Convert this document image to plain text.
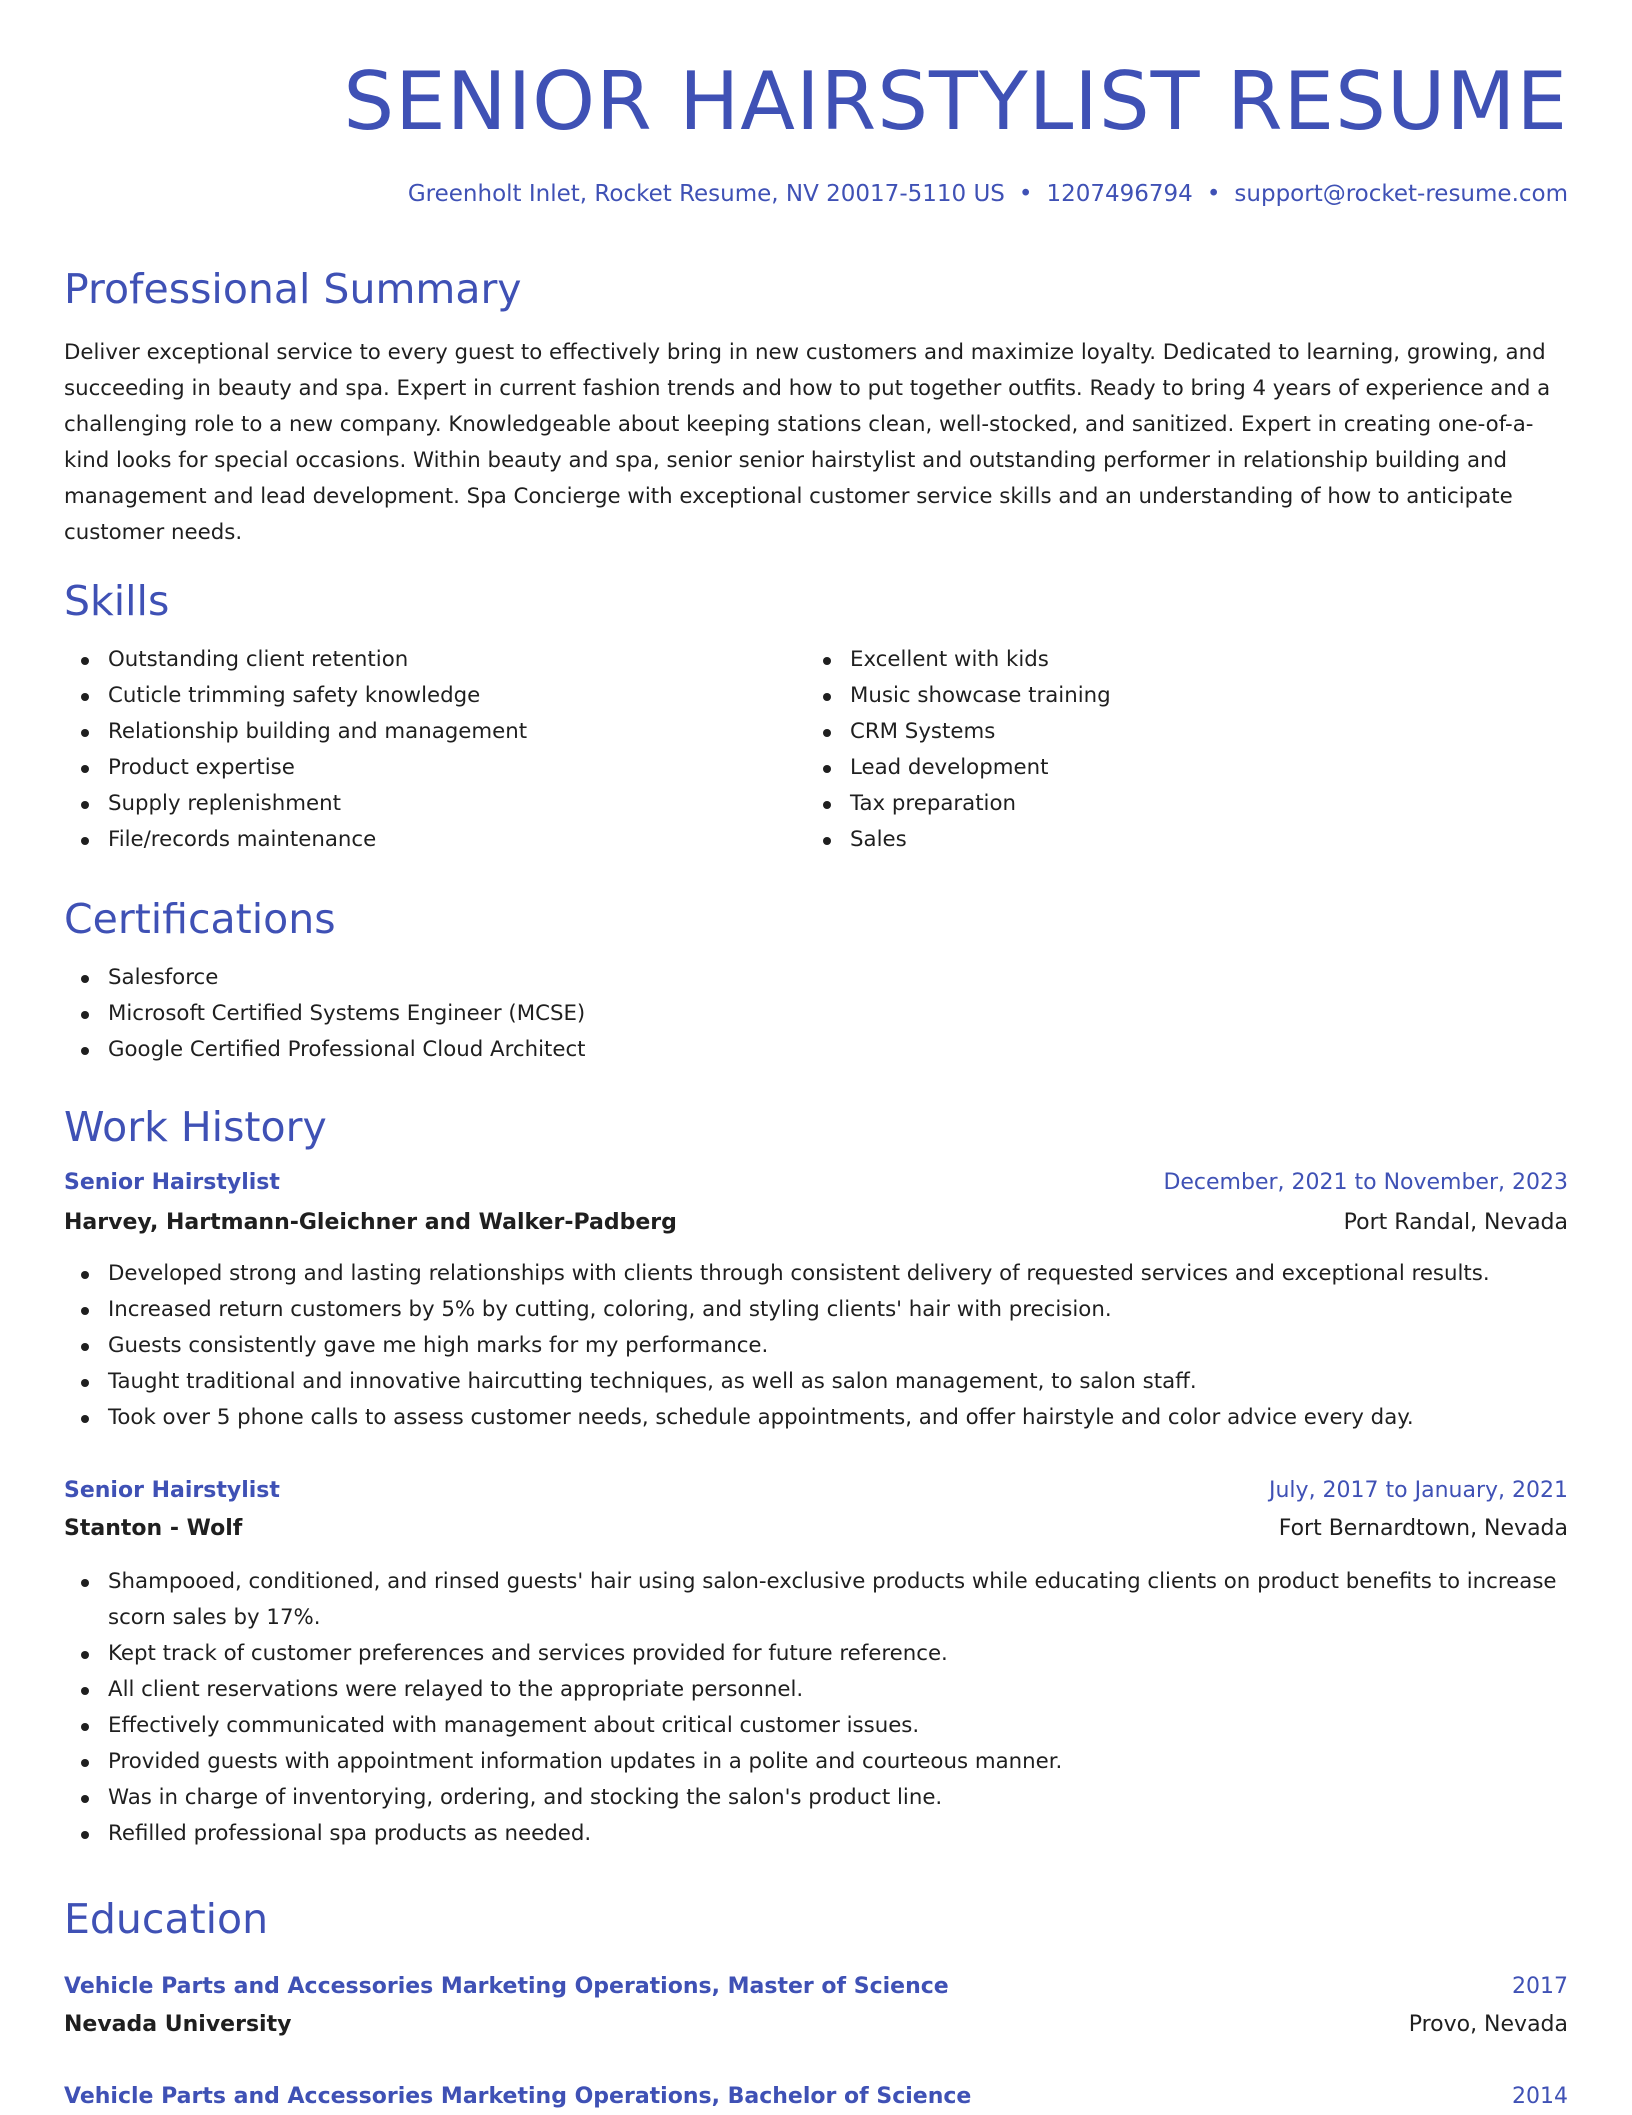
SENIOR HAIRSTYLIST RESUME
Greenholt Inlet, Rocket Resume, NV 20017-5110 US • 1207496794 • support@rocket-resume.com
Professional Summary

Deliver exceptional service to every guest to effectively bring in new customers and maximize loyalty. Dedicated to learning, growing, and succeeding in beauty and spa. Expert in current fashion trends and how to put together outfits. Ready to bring 4 years of experience and a challenging role to a new company. Knowledgeable about keeping stations clean, well-stocked, and sanitized. Expert in creating one-of-a-kind looks for special occasions. Within beauty and spa, senior senior hairstylist and outstanding performer in relationship building and management and lead development. Spa Concierge with exceptional customer service skills and an understanding of how to anticipate customer needs.

Skills
Outstanding client retention
Cuticle trimming safety knowledge
Relationship building and management
Product expertise
Supply replenishment
File/records maintenance
Excellent with kids
Music showcase training
CRM Systems
Lead development
Tax preparation
Sales
Certifications
Salesforce
Microsoft Certified Systems Engineer (MCSE)
Google Certified Professional Cloud Architect
Work History
Senior Hairstylist	December, 2021 to November, 2023
Harvey, Hartmann-Gleichner and Walker-Padberg	Port Randal, Nevada
Developed strong and lasting relationships with clients through consistent delivery of requested services and exceptional results.
Increased return customers by 5% by cutting, coloring, and styling clients' hair with precision.
Guests consistently gave me high marks for my performance.
Taught traditional and innovative haircutting techniques, as well as salon management, to salon staff.
Took over 5 phone calls to assess customer needs, schedule appointments, and offer hairstyle and color advice every day.
Senior Hairstylist	July, 2017 to January, 2021
Stanton - Wolf	Fort Bernardtown, Nevada
Shampooed, conditioned, and rinsed guests' hair using salon-exclusive products while educating clients on product benefits to increase scorn sales by 17%.
Kept track of customer preferences and services provided for future reference.
All client reservations were relayed to the appropriate personnel.
Effectively communicated with management about critical customer issues.
Provided guests with appointment information updates in a polite and courteous manner.
Was in charge of inventorying, ordering, and stocking the salon's product line.
Refilled professional spa products as needed.
Education
Vehicle Parts and Accessories Marketing Operations, Master of Science	2017
Nevada University	Provo, Nevada
Vehicle Parts and Accessories Marketing Operations, Bachelor of Science	2014
